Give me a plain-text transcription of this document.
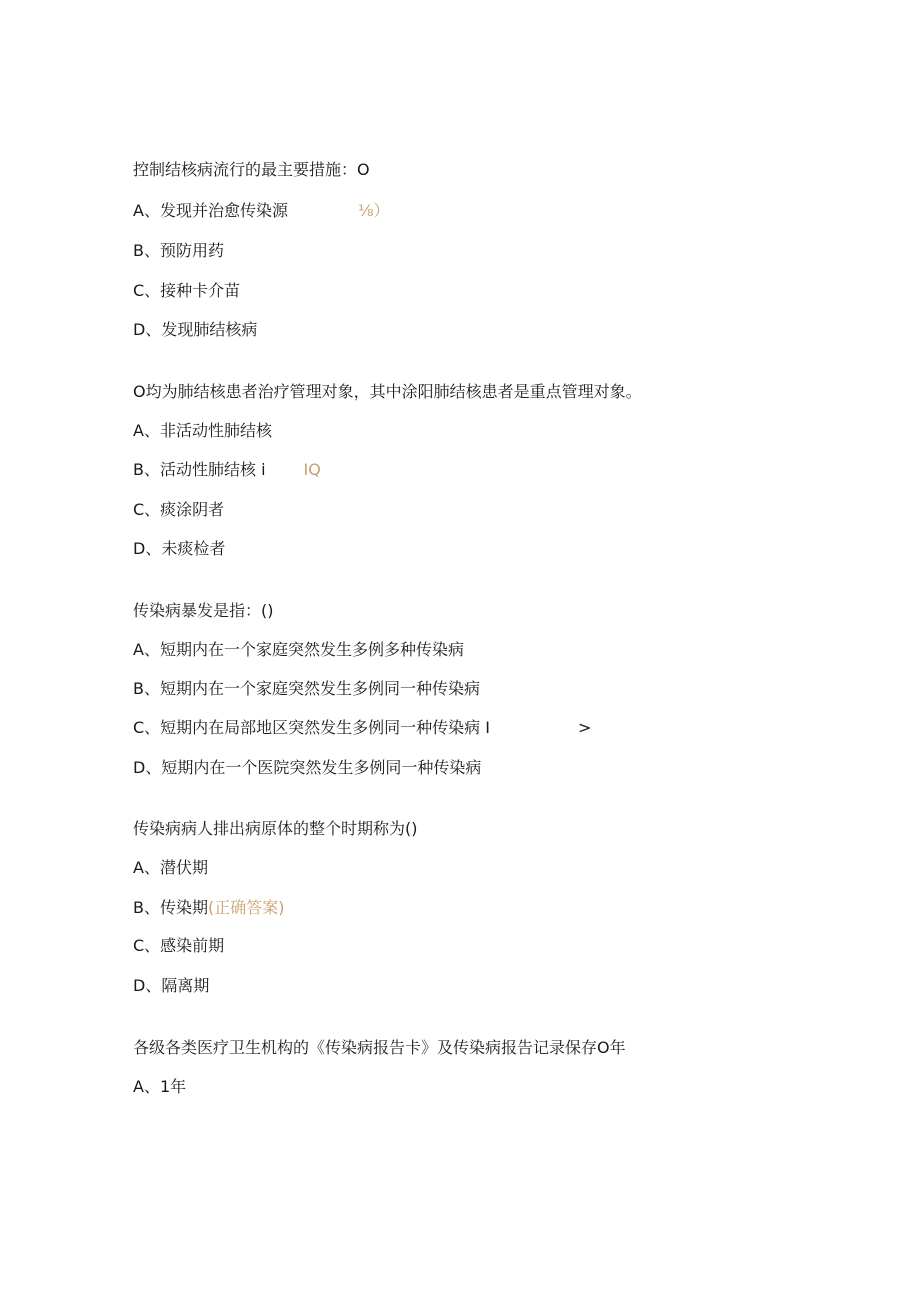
控制结核病流行的最主要措施：O
A、发现并治愈传染源	⅛）
B、预防用药
C、接种卡介苗
D、发现肺结核病
O均为肺结核患者治疗管理对象，其中涂阳肺结核患者是重点管理对象。
A、非活动性肺结核
B、活动性肺结核 i IQ
C、痰涂阴者
D、未痰检者
传染病暴发是指：()
A、短期内在一个家庭突然发生多例多种传染病
B、短期内在一个家庭突然发生多例同一种传染病
C、短期内在局部地区突然发生多例同一种传染病 I	>
D、短期内在一个医院突然发生多例同一种传染病
传染病病人排出病原体的整个时期称为()
A、潜伏期
B、传染期(正确答案)
C、感染前期
D、隔离期
各级各类医疗卫生机构的《传染病报告卡》及传染病报告记录保存O年
A、1年
